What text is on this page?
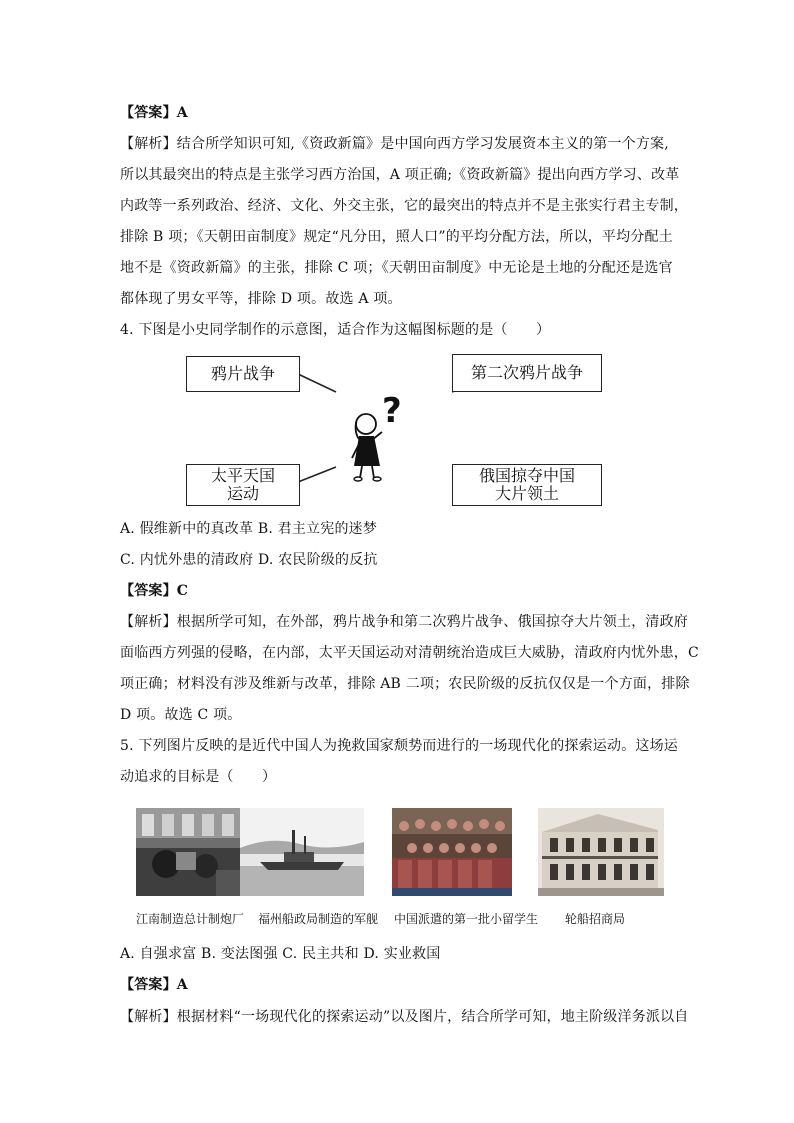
【答案】A
【解析】结合所学知识可知,《资政新篇》是中国向西方学习发展资本主义的第一个方案,
所以其最突出的特点是主张学习西方治国，A 项正确;《资政新篇》提出向西方学习、改革
内政等一系列政治、经济、文化、外交主张，它的最突出的特点并不是主张实行君主专制，
排除 B 项；《天朝田亩制度》规定“凡分田，照人口”的平均分配方法，所以，平均分配土
地不是《资政新篇》的主张，排除 C 项；《天朝田亩制度》中无论是土地的分配还是选官
都体现了男女平等，排除 D 项。故选 A 项。
4. 下图是小史同学制作的示意图，适合作为这幅图标题的是（　　）
?
鸦片战争	第二次鸦片战争
太平天国
运动
俄国掠夺中国
大片领土
A. 假维新中的真改革 B. 君主立宪的迷梦
C. 内忧外患的清政府 D. 农民阶级的反抗
【答案】C
【解析】根据所学可知，在外部，鸦片战争和第二次鸦片战争、俄国掠夺大片领土，清政府
面临西方列强的侵略，在内部，太平天国运动对清朝统治造成巨大威胁，清政府内忧外患，C
项正确；材料没有涉及维新与改革，排除 AB 二项；农民阶级的反抗仅仅是一个方面，排除
D 项。故选 C 项。
5. 下列图片反映的是近代中国人为挽救国家颓势而进行的一场现代化的探索运动。这场运
动追求的目标是（　　）
江南制造总计制炮厂 福州船政局制造的军舰 中国派遣的第一批小留学生 轮船招商局
A. 自强求富 B. 变法图强 C. 民主共和 D. 实业救国
【答案】A
【解析】根据材料“一场现代化的探索运动”以及图片，结合所学可知，地主阶级洋务派以自
